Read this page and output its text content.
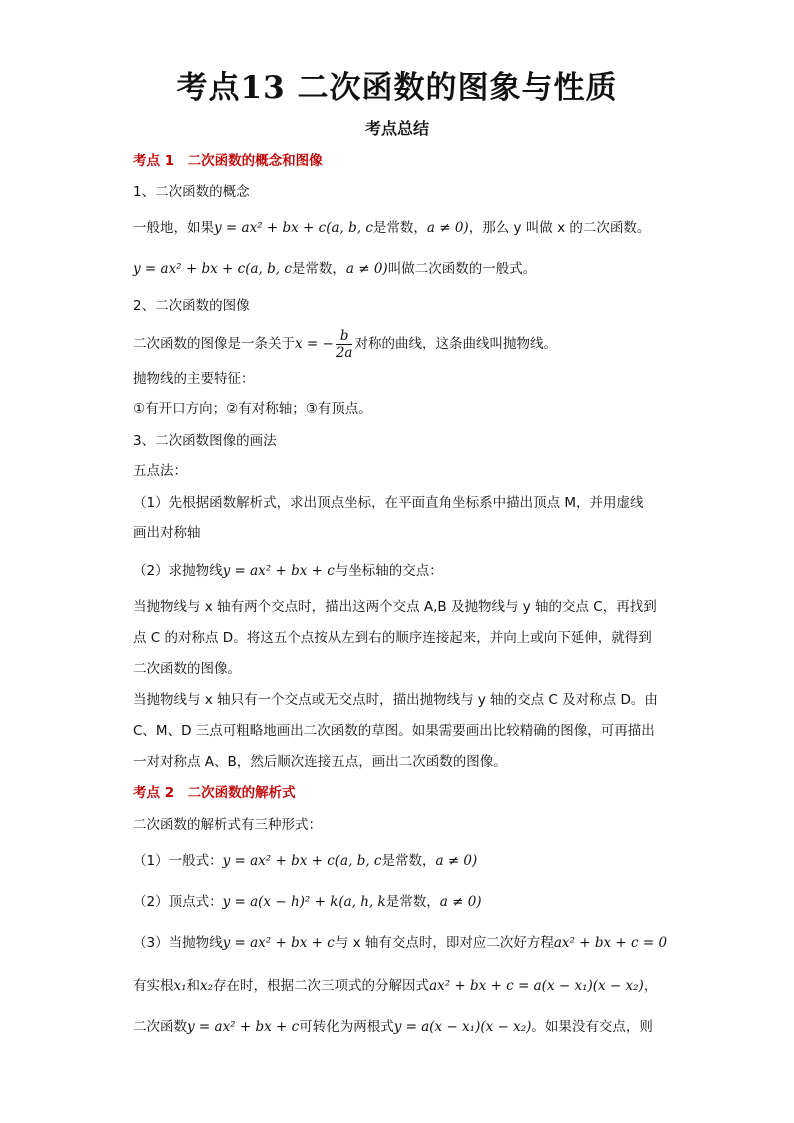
考点13 二次函数的图象与性质
考点总结
考点 1　二次函数的概念和图像
1、二次函数的概念
一般地，如果y = ax² + bx + c(a, b, c是常数，a ≠ 0)，那么 y 叫做 x 的二次函数。
y = ax² + bx + c(a, b, c是常数，a ≠ 0)叫做二次函数的一般式。
2、二次函数的图像
二次函数的图像是一条关于x = − $\frac{b}{2a}$ 对称的曲线，这条曲线叫抛物线。
抛物线的主要特征：
①有开口方向；②有对称轴；③有顶点。
3、二次函数图像的画法
五点法：
（1）先根据函数解析式，求出顶点坐标，在平面直角坐标系中描出顶点 M，并用虚线
画出对称轴
（2）求抛物线y = ax² + bx + c与坐标轴的交点：
当抛物线与 x 轴有两个交点时，描出这两个交点 A,B 及抛物线与 y 轴的交点 C，再找到
点 C 的对称点 D。将这五个点按从左到右的顺序连接起来，并向上或向下延伸，就得到
二次函数的图像。
当抛物线与 x 轴只有一个交点或无交点时，描出抛物线与 y 轴的交点 C 及对称点 D。由
C、M、D 三点可粗略地画出二次函数的草图。如果需要画出比较精确的图像，可再描出
一对对称点 A、B，然后顺次连接五点，画出二次函数的图像。
考点 2　二次函数的解析式
二次函数的解析式有三种形式：
（1）一般式：y = ax² + bx + c(a, b, c是常数，a ≠ 0)
（2）顶点式：y = a(x − h)² + k(a, h, k是常数，a ≠ 0)
（3）当抛物线y = ax² + bx + c与 x 轴有交点时，即对应二次好方程ax² + bx + c = 0
有实根x₁和x₂存在时，根据二次三项式的分解因式ax² + bx + c = a(x − x₁)(x − x₂)，
二次函数y = ax² + bx + c可转化为两根式y = a(x − x₁)(x − x₂)。如果没有交点，则
